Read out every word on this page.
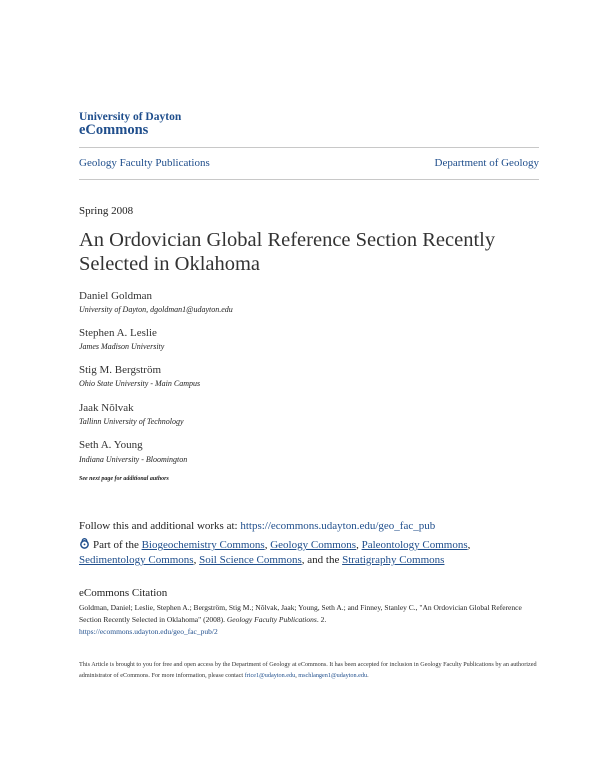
University of Dayton
eCommons
Geology Faculty Publications	Department of Geology
Spring 2008
An Ordovician Global Reference Section Recently
Selected in Oklahoma
Daniel Goldman
University of Dayton, dgoldman1@udayton.edu
Stephen A. Leslie
James Madison University
Stig M. Bergström
Ohio State University - Main Campus
Jaak Nõlvak
Tallinn University of Technology
Seth A. Young
Indiana University - Bloomington
See next page for additional authors
Follow this and additional works at: https://ecommons.udayton.edu/geo_fac_pub
Part of the Biogeochemistry Commons, Geology Commons, Paleontology Commons,
Sedimentology Commons, Soil Science Commons, and the Stratigraphy Commons
eCommons Citation
Goldman, Daniel; Leslie, Stephen A.; Bergström, Stig M.; Nõlvak, Jaak; Young, Seth A.; and Finney, Stanley C., "An Ordovician Global Reference Section Recently Selected in Oklahoma" (2008). Geology Faculty Publications. 2.
https://ecommons.udayton.edu/geo_fac_pub/2
This Article is brought to you for free and open access by the Department of Geology at eCommons. It has been accepted for inclusion in Geology Faculty Publications by an authorized administrator of eCommons. For more information, please contact frice1@udayton.edu, mschlangen1@udayton.edu.
